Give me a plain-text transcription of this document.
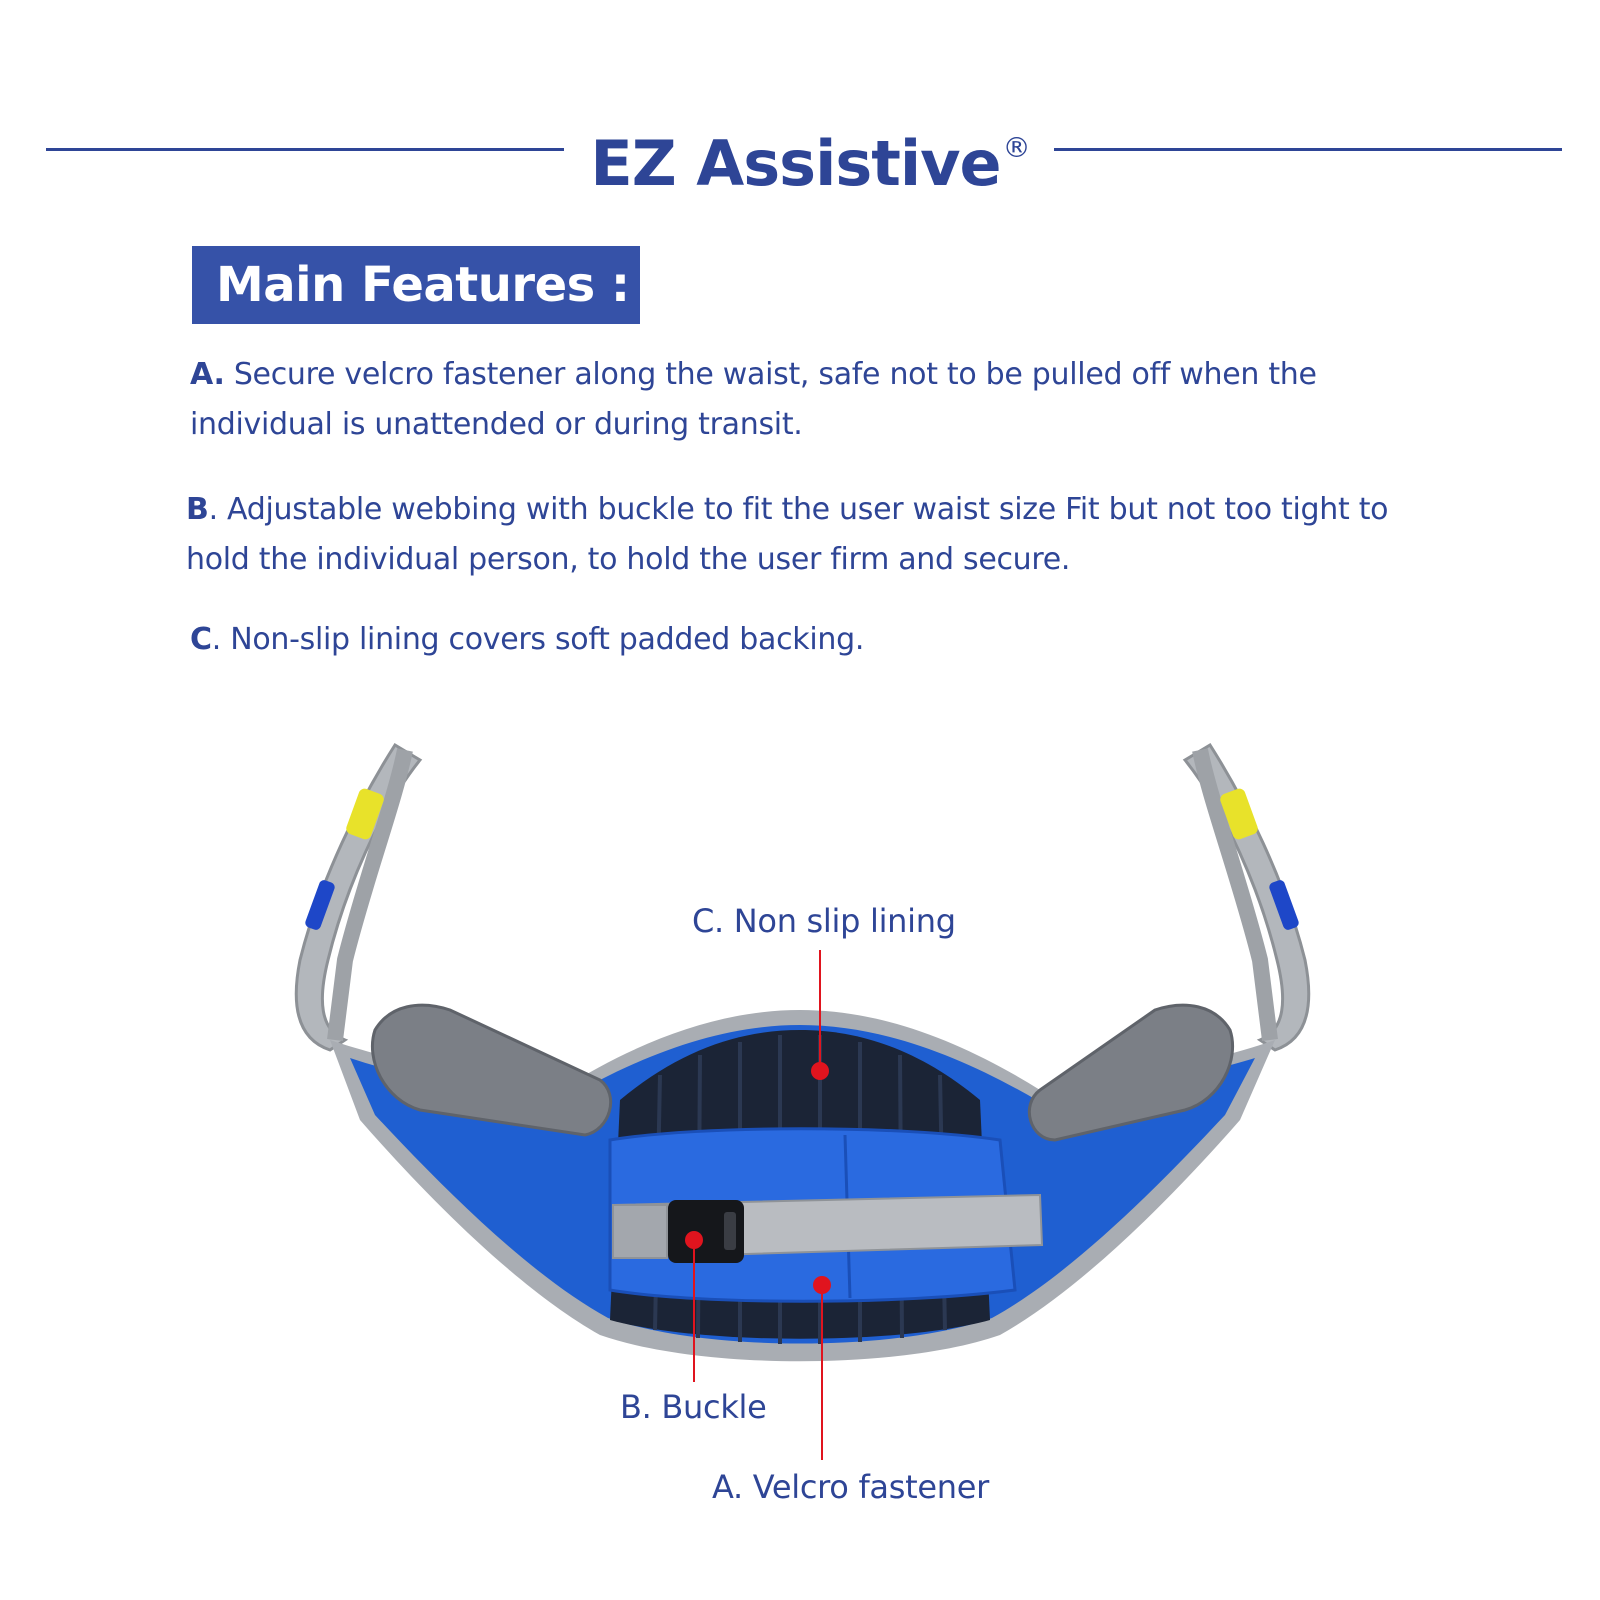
EZ Assistive®
Main Features :
A. Secure velcro fastener along the waist, safe not to be pulled off when the individual is unattended or during transit.
B. Adjustable webbing with buckle to fit the user waist size Fit but not too tight to hold the individual person, to hold the user firm and secure.
C. Non-slip lining covers soft padded backing.
C. Non slip lining
B. Buckle
A. Velcro fastener
